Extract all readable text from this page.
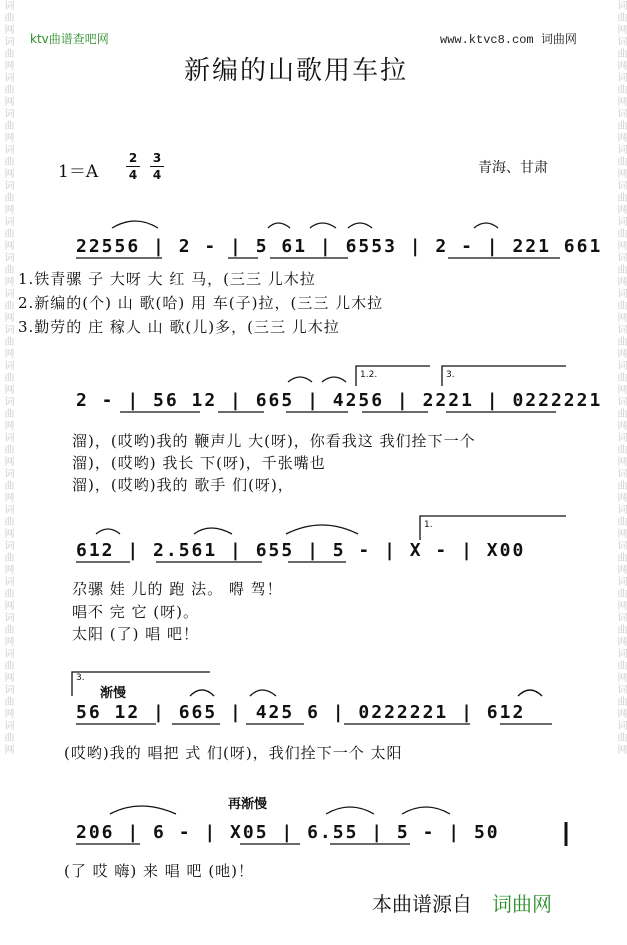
词曲网词曲网词曲网词曲网词曲网词曲网词曲网词曲网词曲网词曲网词曲网词曲网词曲网词曲网词曲网词曲网词曲网词曲网词曲网词曲网词曲网	词曲网词曲网词曲网词曲网词曲网词曲网词曲网词曲网词曲网词曲网词曲网词曲网词曲网词曲网词曲网词曲网词曲网词曲网词曲网词曲网词曲网
ktv曲谱查吧网	www.ktvc8.com 词曲网
新编的山歌用车拉
1＝A
2
4
3
4	青海、甘肃
22556 | 2 - | 5 61 | 6553 | 2 - | 221 661
1.铁青骡 子 大呀 大 红 马，(三三 儿木拉
2.新编的(个) 山 歌(哈) 用 车(子)拉，(三三 儿木拉
3.勤劳的 庄 稼人 山 歌(儿)多，(三三 儿木拉
1.2.	3.
2 - | 56 12 | 665 | 4256 | 2221 | 0222221
溜)，(哎哟)我的 鞭声儿 大(呀)，你看我这 我们拴下一个
溜)，(哎哟) 我长 下(呀)，千张嘴也
溜)，(哎哟)我的 歌手 们(呀)，
1.
612 | 2.561 | 655 | 5 - | X - | X00
尕骡 娃 儿的 跑 法。 嘚 驾！
唱不 完 它 (呀)。
太阳 (了) 唱 吧！
3.
渐慢
56 12 | 665 | 425 6 | 0222221 | 612
(哎哟)我的 唱把 式 们(呀)，我们拴下一个 太阳
再渐慢
206 | 6 - | X05 | 6.55 | 5 - | 50
(了 哎 嗨) 来 唱 吧 (吔)！
本曲谱源自 词曲网
